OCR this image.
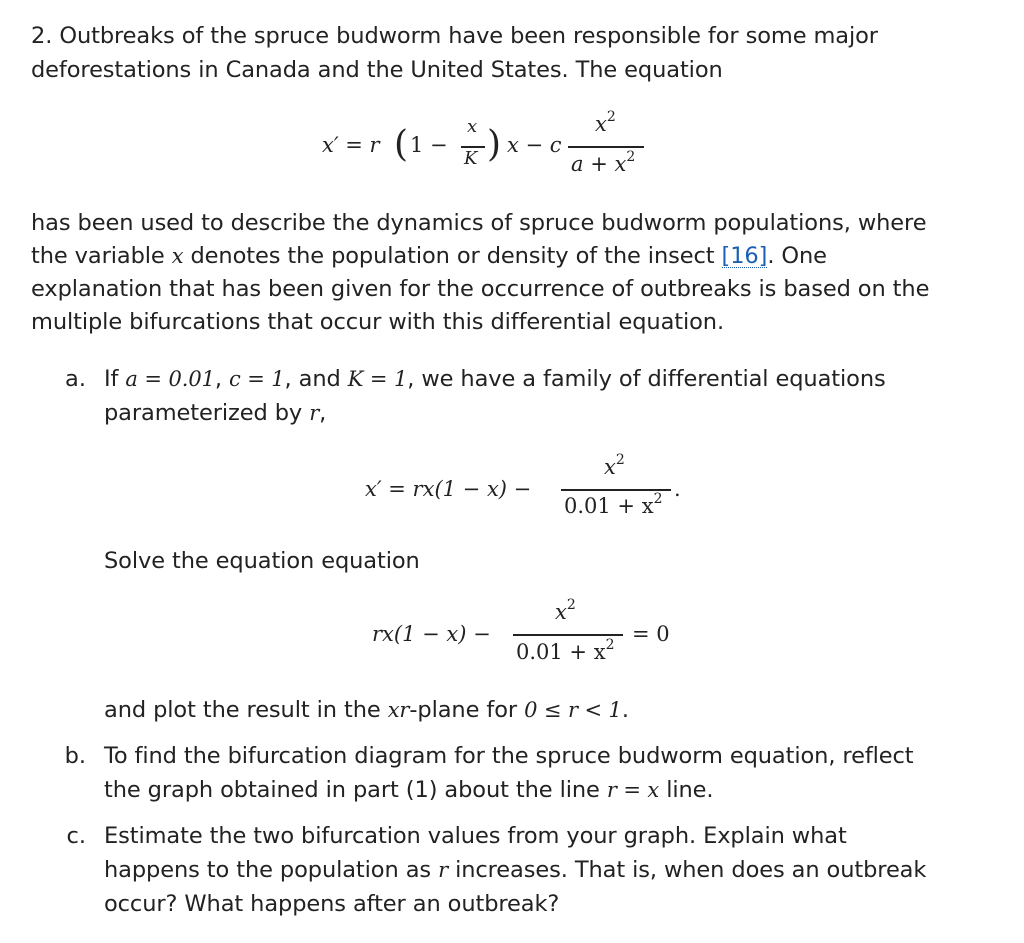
2. Outbreaks of the spruce budworm have been responsible for some major
deforestations in Canada and the United States. The equation
x′ = r ( 1 −
x
K ) x − c
$x^2$
$a + x^2$
has been used to describe the dynamics of spruce budworm populations, where
the variable x denotes the population or density of the insect [16]. One
explanation that has been given for the occurrence of outbreaks is based on the
multiple bifurcations that occur with this differential equation.
a. If a = 0.01, c = 1, and K = 1, we have a family of differential equations
parameterized by r,
x′ = rx(1 − x) −
$x^2$
$0.01 + x^2$ .
Solve the equation equation
rx(1 − x) −
$x^2$
$0.01 + x^2 = 0$
and plot the result in the xr-plane for 0 ≤ r < 1.
b. To find the bifurcation diagram for the spruce budworm equation, reflect
the graph obtained in part (1) about the line r = x line.
c. Estimate the two bifurcation values from your graph. Explain what
happens to the population as r increases. That is, when does an outbreak
occur? What happens after an outbreak?
